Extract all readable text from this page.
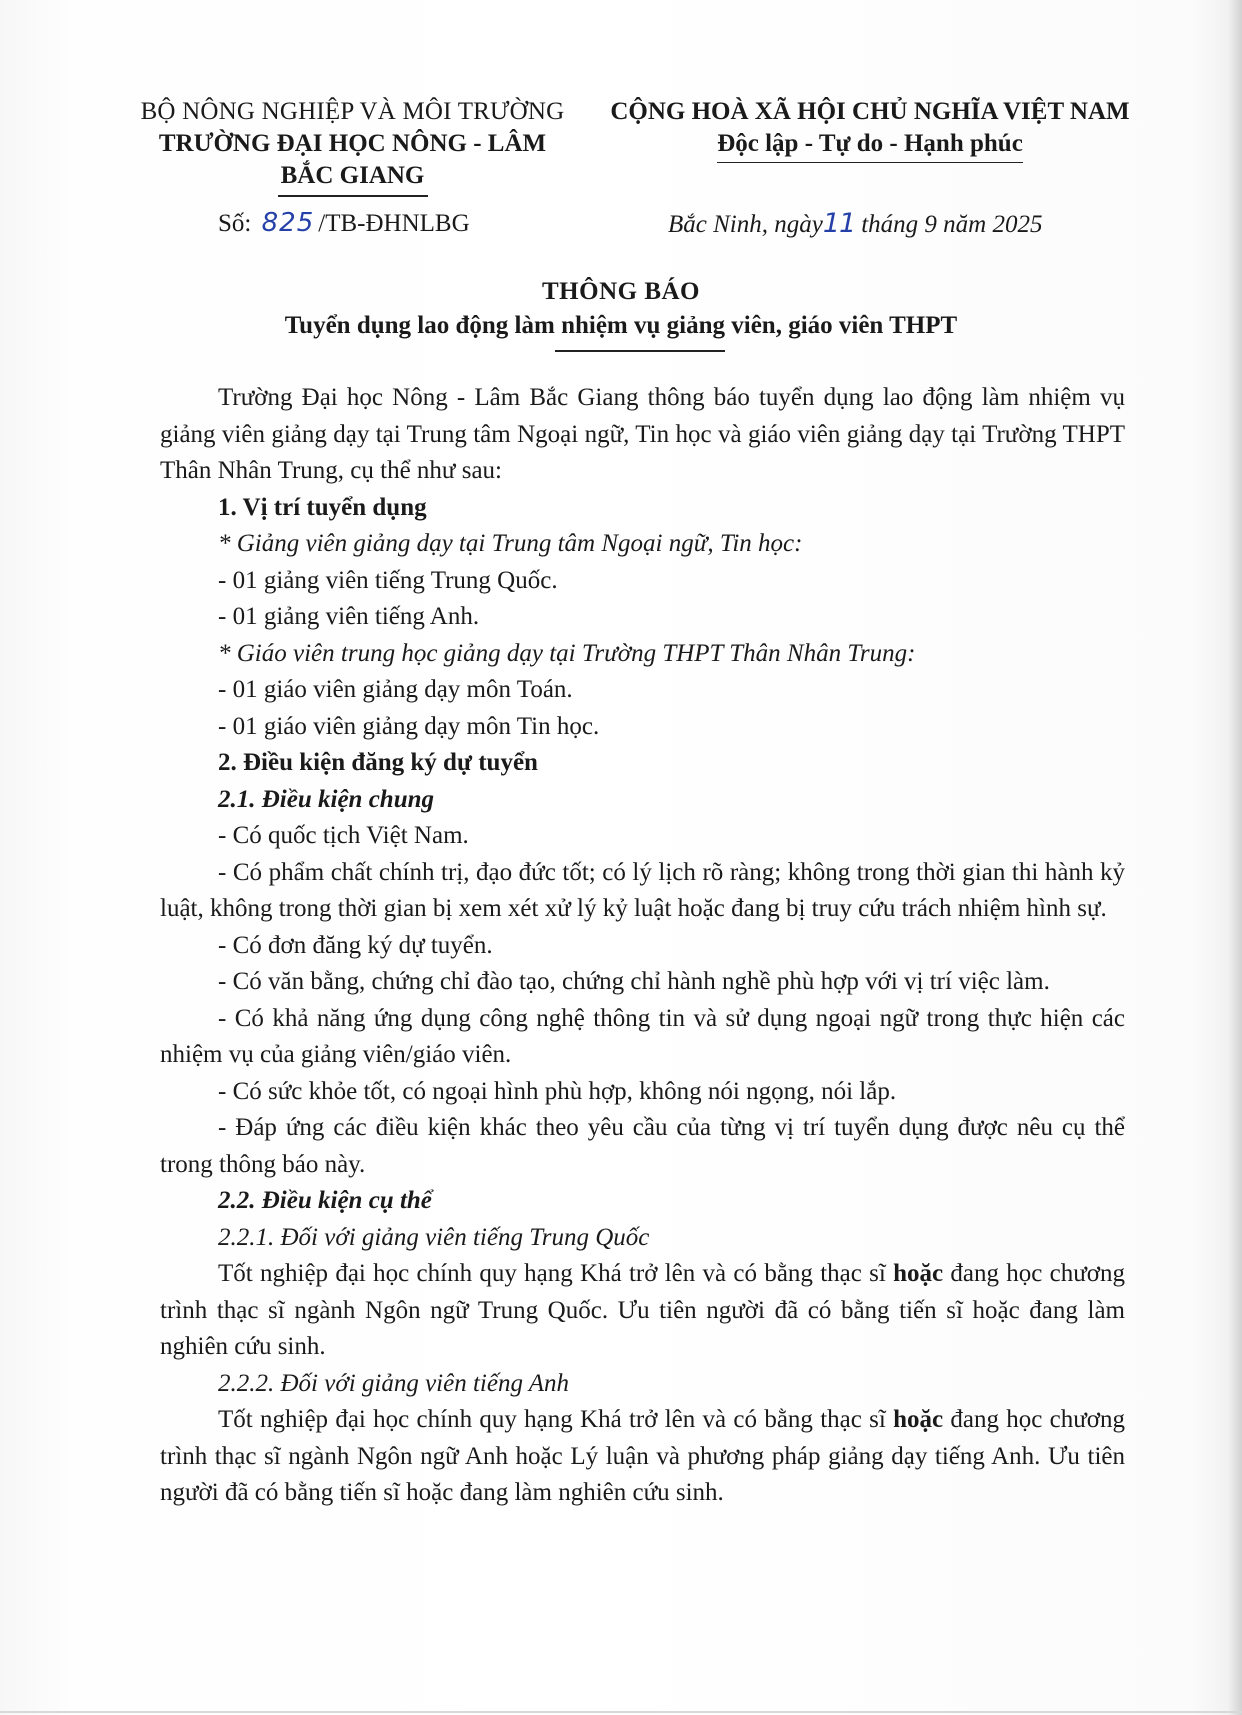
BỘ NÔNG NGHIỆP VÀ MÔI TRƯỜNG
TRƯỜNG ĐẠI HỌC NÔNG - LÂM
BẮC GIANG
CỘNG HOÀ XÃ HỘI CHỦ NGHĨA VIỆT NAM
Độc lập - Tự do - Hạnh phúc
Số: 825 /TB-ĐHNLBG	Bắc Ninh, ngày11 tháng 9 năm 2025
THÔNG BÁO
Tuyển dụng lao động làm nhiệm vụ giảng viên, giáo viên THPT

Trường Đại học Nông - Lâm Bắc Giang thông báo tuyển dụng lao động làm nhiệm vụ giảng viên giảng dạy tại Trung tâm Ngoại ngữ, Tin học và giáo viên giảng dạy tại Trường THPT Thân Nhân Trung, cụ thể như sau:

1. Vị trí tuyển dụng

* Giảng viên giảng dạy tại Trung tâm Ngoại ngữ, Tin học:

- 01 giảng viên tiếng Trung Quốc.

- 01 giảng viên tiếng Anh.

* Giáo viên trung học giảng dạy tại Trường THPT Thân Nhân Trung:

- 01 giáo viên giảng dạy môn Toán.

- 01 giáo viên giảng dạy môn Tin học.

2. Điều kiện đăng ký dự tuyển

2.1. Điều kiện chung

- Có quốc tịch Việt Nam.

- Có phẩm chất chính trị, đạo đức tốt; có lý lịch rõ ràng; không trong thời gian thi hành kỷ luật, không trong thời gian bị xem xét xử lý kỷ luật hoặc đang bị truy cứu trách nhiệm hình sự.

- Có đơn đăng ký dự tuyển.

- Có văn bằng, chứng chỉ đào tạo, chứng chỉ hành nghề phù hợp với vị trí việc làm.

- Có khả năng ứng dụng công nghệ thông tin và sử dụng ngoại ngữ trong thực hiện các nhiệm vụ của giảng viên/giáo viên.

- Có sức khỏe tốt, có ngoại hình phù hợp, không nói ngọng, nói lắp.

- Đáp ứng các điều kiện khác theo yêu cầu của từng vị trí tuyển dụng được nêu cụ thể trong thông báo này.

2.2. Điều kiện cụ thể

2.2.1. Đối với giảng viên tiếng Trung Quốc

Tốt nghiệp đại học chính quy hạng Khá trở lên và có bằng thạc sĩ hoặc đang học chương trình thạc sĩ ngành Ngôn ngữ Trung Quốc. Ưu tiên người đã có bằng tiến sĩ hoặc đang làm nghiên cứu sinh.

2.2.2. Đối với giảng viên tiếng Anh

Tốt nghiệp đại học chính quy hạng Khá trở lên và có bằng thạc sĩ hoặc đang học chương trình thạc sĩ ngành Ngôn ngữ Anh hoặc Lý luận và phương pháp giảng dạy tiếng Anh. Ưu tiên người đã có bằng tiến sĩ hoặc đang làm nghiên cứu sinh.
